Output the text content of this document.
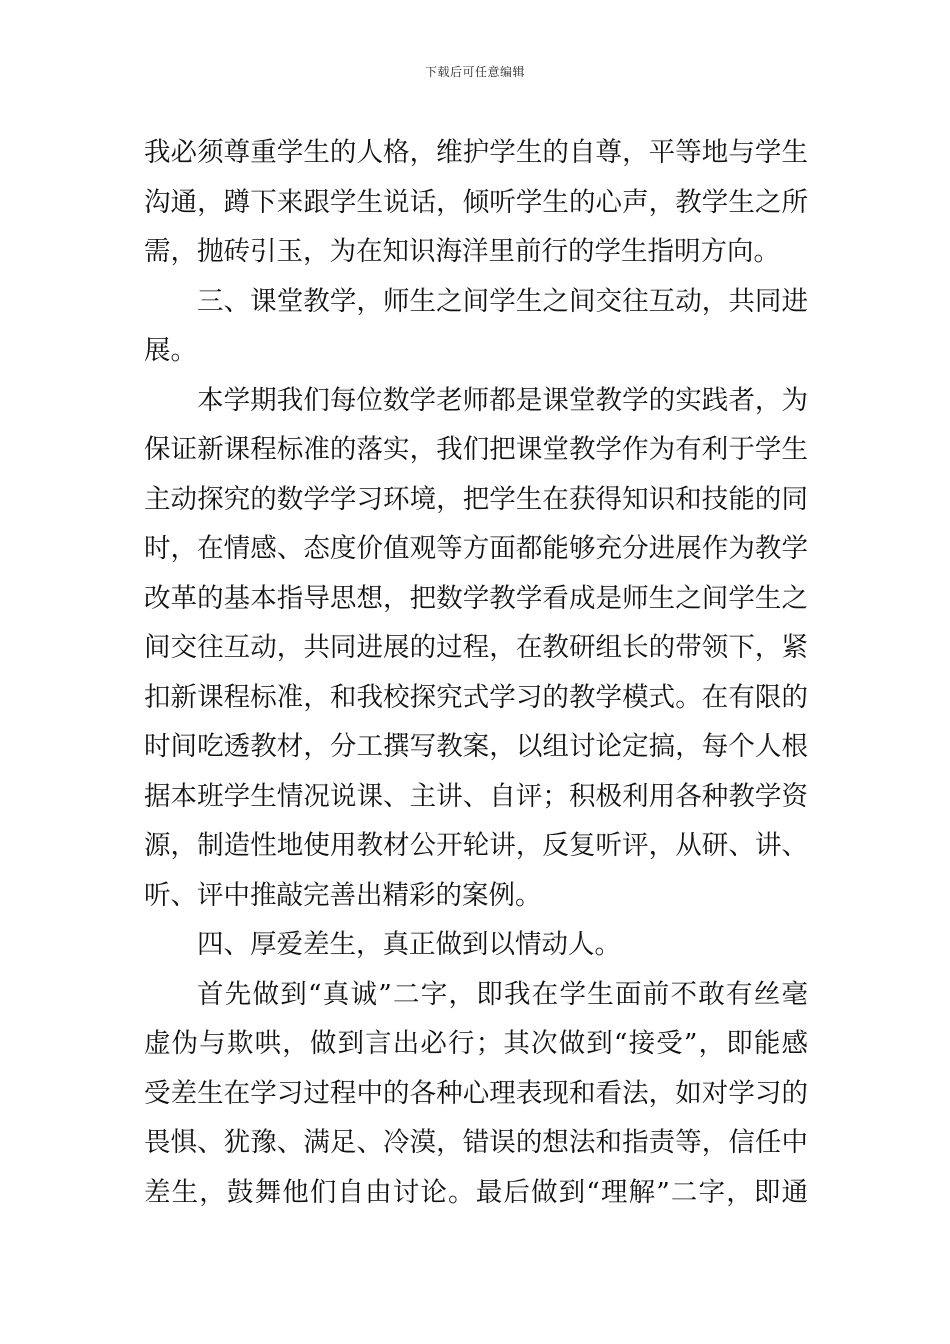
下载后可任意编辑
我必须尊重学生的人格，维护学生的自尊，平等地与学生
沟通，蹲下来跟学生说话，倾听学生的心声，教学生之所
需，抛砖引玉，为在知识海洋里前行的学生指明方向。
三、课堂教学，师生之间学生之间交往互动，共同进
展。
本学期我们每位数学老师都是课堂教学的实践者，为
保证新课程标准的落实，我们把课堂教学作为有利于学生
主动探究的数学学习环境，把学生在获得知识和技能的同
时，在情感、态度价值观等方面都能够充分进展作为教学
改革的基本指导思想，把数学教学看成是师生之间学生之
间交往互动，共同进展的过程，在教研组长的带领下，紧
扣新课程标准，和我校探究式学习的教学模式。在有限的
时间吃透教材，分工撰写教案，以组讨论定搞，每个人根
据本班学生情况说课、主讲、自评；积极利用各种教学资
源，制造性地使用教材公开轮讲，反复听评，从研、讲、
听、评中推敲完善出精彩的案例。
四、厚爱差生，真正做到以情动人。
首先做到“真诚”二字，即我在学生面前不敢有丝毫
虚伪与欺哄，做到言出必行；其次做到“接受”，即能感
受差生在学习过程中的各种心理表现和看法，如对学习的
畏惧、犹豫、满足、冷漠，错误的想法和指责等，信任中
差生，鼓舞他们自由讨论。最后做到“理解”二字，即通
